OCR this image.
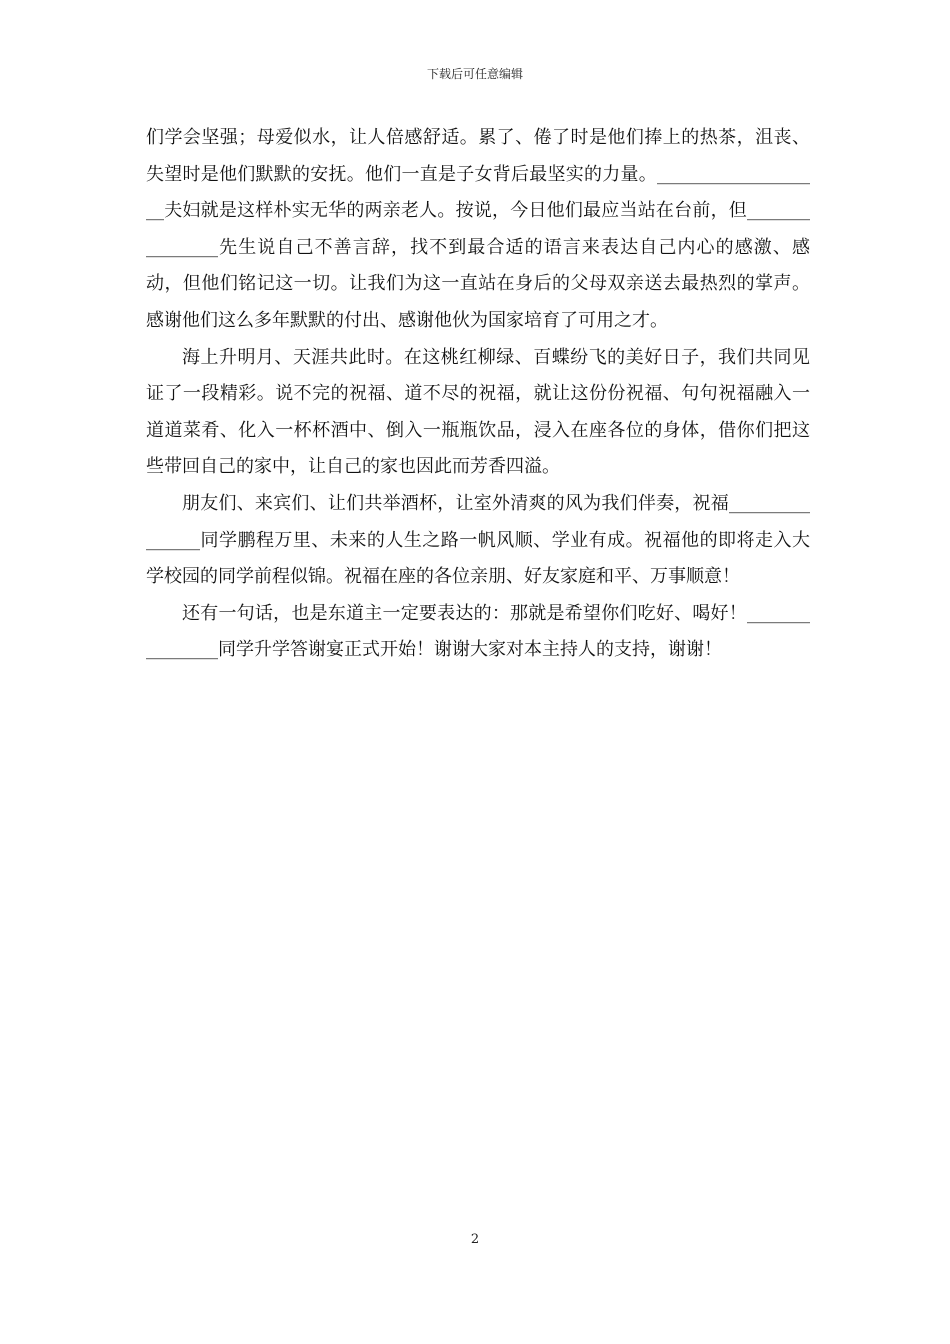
下载后可任意编辑

们学会坚强；母爱似水，让人倍感舒适。累了、倦了时是他们捧上的热茶，沮丧、失望时是他们默默的安抚。他们一直是子女背后最坚实的力量。___________________夫妇就是这样朴实无华的两亲老人。按说，今日他们最应当站在台前，但_______________先生说自己不善言辞，找不到最合适的语言来表达自己内心的感激、感动，但他们铭记这一切。让我们为这一直站在身后的父母双亲送去最热烈的掌声。感谢他们这么多年默默的付出、感谢他伙为国家培育了可用之才。

海上升明月、天涯共此时。在这桃红柳绿、百蝶纷飞的美好日子，我们共同见证了一段精彩。说不完的祝福、道不尽的祝福，就让这份份祝福、句句祝福融入一道道菜肴、化入一杯杯酒中、倒入一瓶瓶饮品，浸入在座各位的身体，借你们把这些带回自己的家中，让自己的家也因此而芳香四溢。

朋友们、来宾们、让们共举酒杯，让室外清爽的风为我们伴奏，祝福_______________同学鹏程万里、未来的人生之路一帆风顺、学业有成。祝福他的即将走入大学校园的同学前程似锦。祝福在座的各位亲朋、好友家庭和平、万事顺意！

还有一句话，也是东道主一定要表达的：那就是希望你们吃好、喝好！_______________同学升学答谢宴正式开始！谢谢大家对本主持人的支持，谢谢！

2
